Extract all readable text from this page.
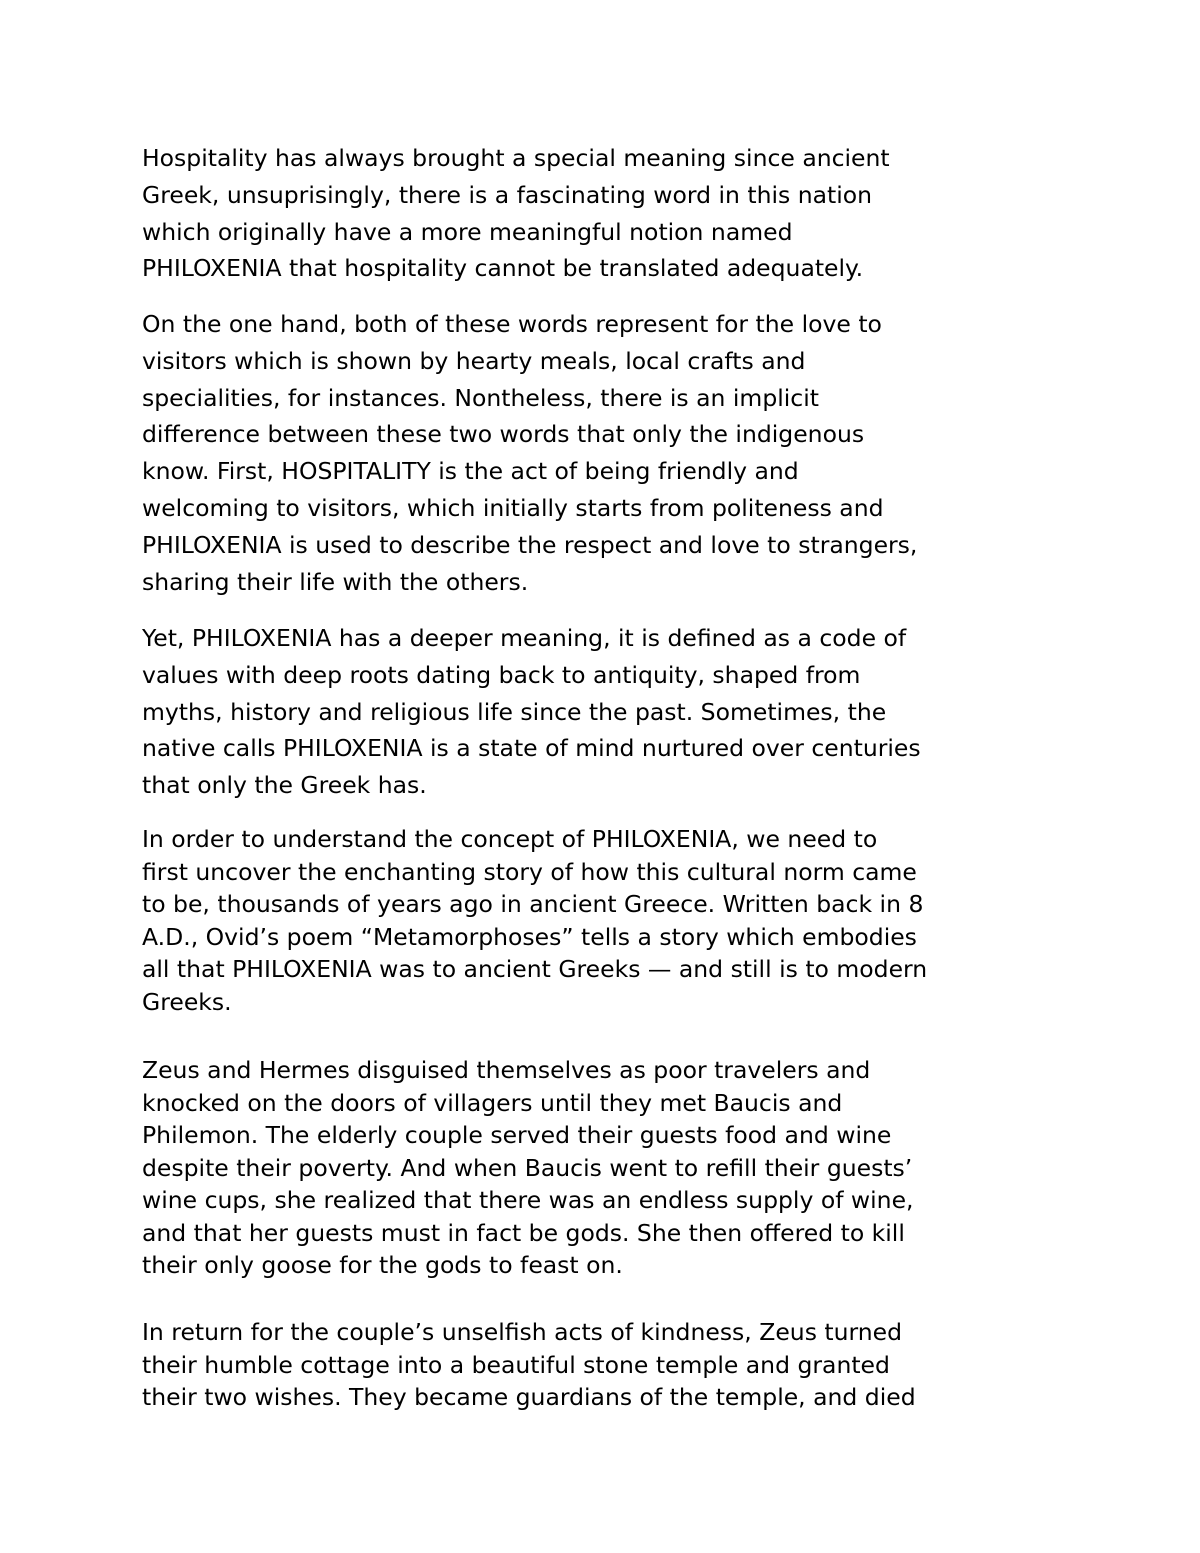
Hospitality has always brought a special meaning since ancient
Greek, unsuprisingly, there is a fascinating word in this nation
which originally have a more meaningful notion named
PHILOXENIA that hospitality cannot be translated adequately.

On the one hand, both of these words represent for the love to
visitors which is shown by hearty meals, local crafts and
specialities, for instances. Nontheless, there is an implicit
difference between these two words that only the indigenous
know. First, HOSPITALITY is the act of being friendly and
welcoming to visitors, which initially starts from politeness and
PHILOXENIA is used to describe the respect and love to strangers,
sharing their life with the others.

Yet, PHILOXENIA has a deeper meaning, it is defined as a code of
values with deep roots dating back to antiquity, shaped from
myths, history and religious life since the past. Sometimes, the
native calls PHILOXENIA is a state of mind nurtured over centuries
that only the Greek has.

In order to understand the concept of PHILOXENIA, we need to
first uncover the enchanting story of how this cultural norm came
to be, thousands of years ago in ancient Greece. Written back in 8
A.D., Ovid’s poem “Metamorphoses” tells a story which embodies
all that PHILOXENIA was to ancient Greeks — and still is to modern
Greeks.

Zeus and Hermes disguised themselves as poor travelers and
knocked on the doors of villagers until they met Baucis and
Philemon. The elderly couple served their guests food and wine
despite their poverty. And when Baucis went to refill their guests’
wine cups, she realized that there was an endless supply of wine,
and that her guests must in fact be gods. She then offered to kill
their only goose for the gods to feast on.

In return for the couple’s unselfish acts of kindness, Zeus turned
their humble cottage into a beautiful stone temple and granted
their two wishes. They became guardians of the temple, and died
